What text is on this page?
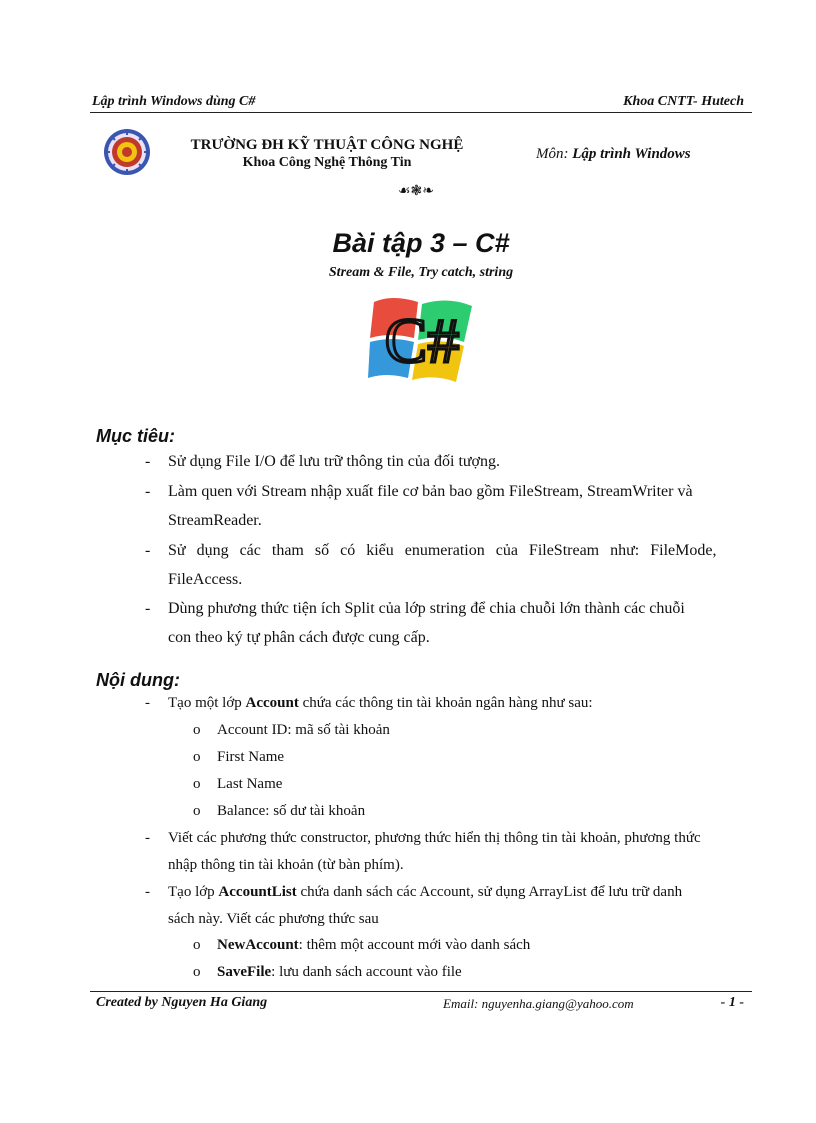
Lập trình Windows dùng C#	Khoa CNTT- Hutech
TRƯỜNG ĐH KỸ THUẬT CÔNG NGHỆ
Khoa Công Nghệ Thông Tin
Môn: Lập trình Windows
☙❃❧
Bài tập 3 – C#
Stream & File, Try catch, string
C#
Mục tiêu:
- Sử dụng File I/O để lưu trữ thông tin của đối tượng.
- Làm quen với Stream nhập xuất file cơ bản bao gồm FileStream, StreamWriter và
StreamReader.
- Sử dụng các tham số có kiểu enumeration của FileStream như: FileMode,
FileAccess.
- Dùng phương thức tiện ích Split của lớp string để chia chuỗi lớn thành các chuỗi
con theo ký tự phân cách được cung cấp.
Nội dung:
- Tạo một lớp Account chứa các thông tin tài khoản ngân hàng như sau:
o Account ID: mã số tài khoản
o First Name
o Last Name
o Balance: số dư tài khoản
- Viết các phương thức constructor, phương thức hiển thị thông tin tài khoản, phương thức
nhập thông tin tài khoản (từ bàn phím).
- Tạo lớp AccountList chứa danh sách các Account, sử dụng ArrayList để lưu trữ danh
sách này. Viết các phương thức sau
o NewAccount: thêm một account mới vào danh sách
o SaveFile: lưu danh sách account vào file
Created by Nguyen Ha Giang	Email: nguyenha.giang@yahoo.com	- 1 -
